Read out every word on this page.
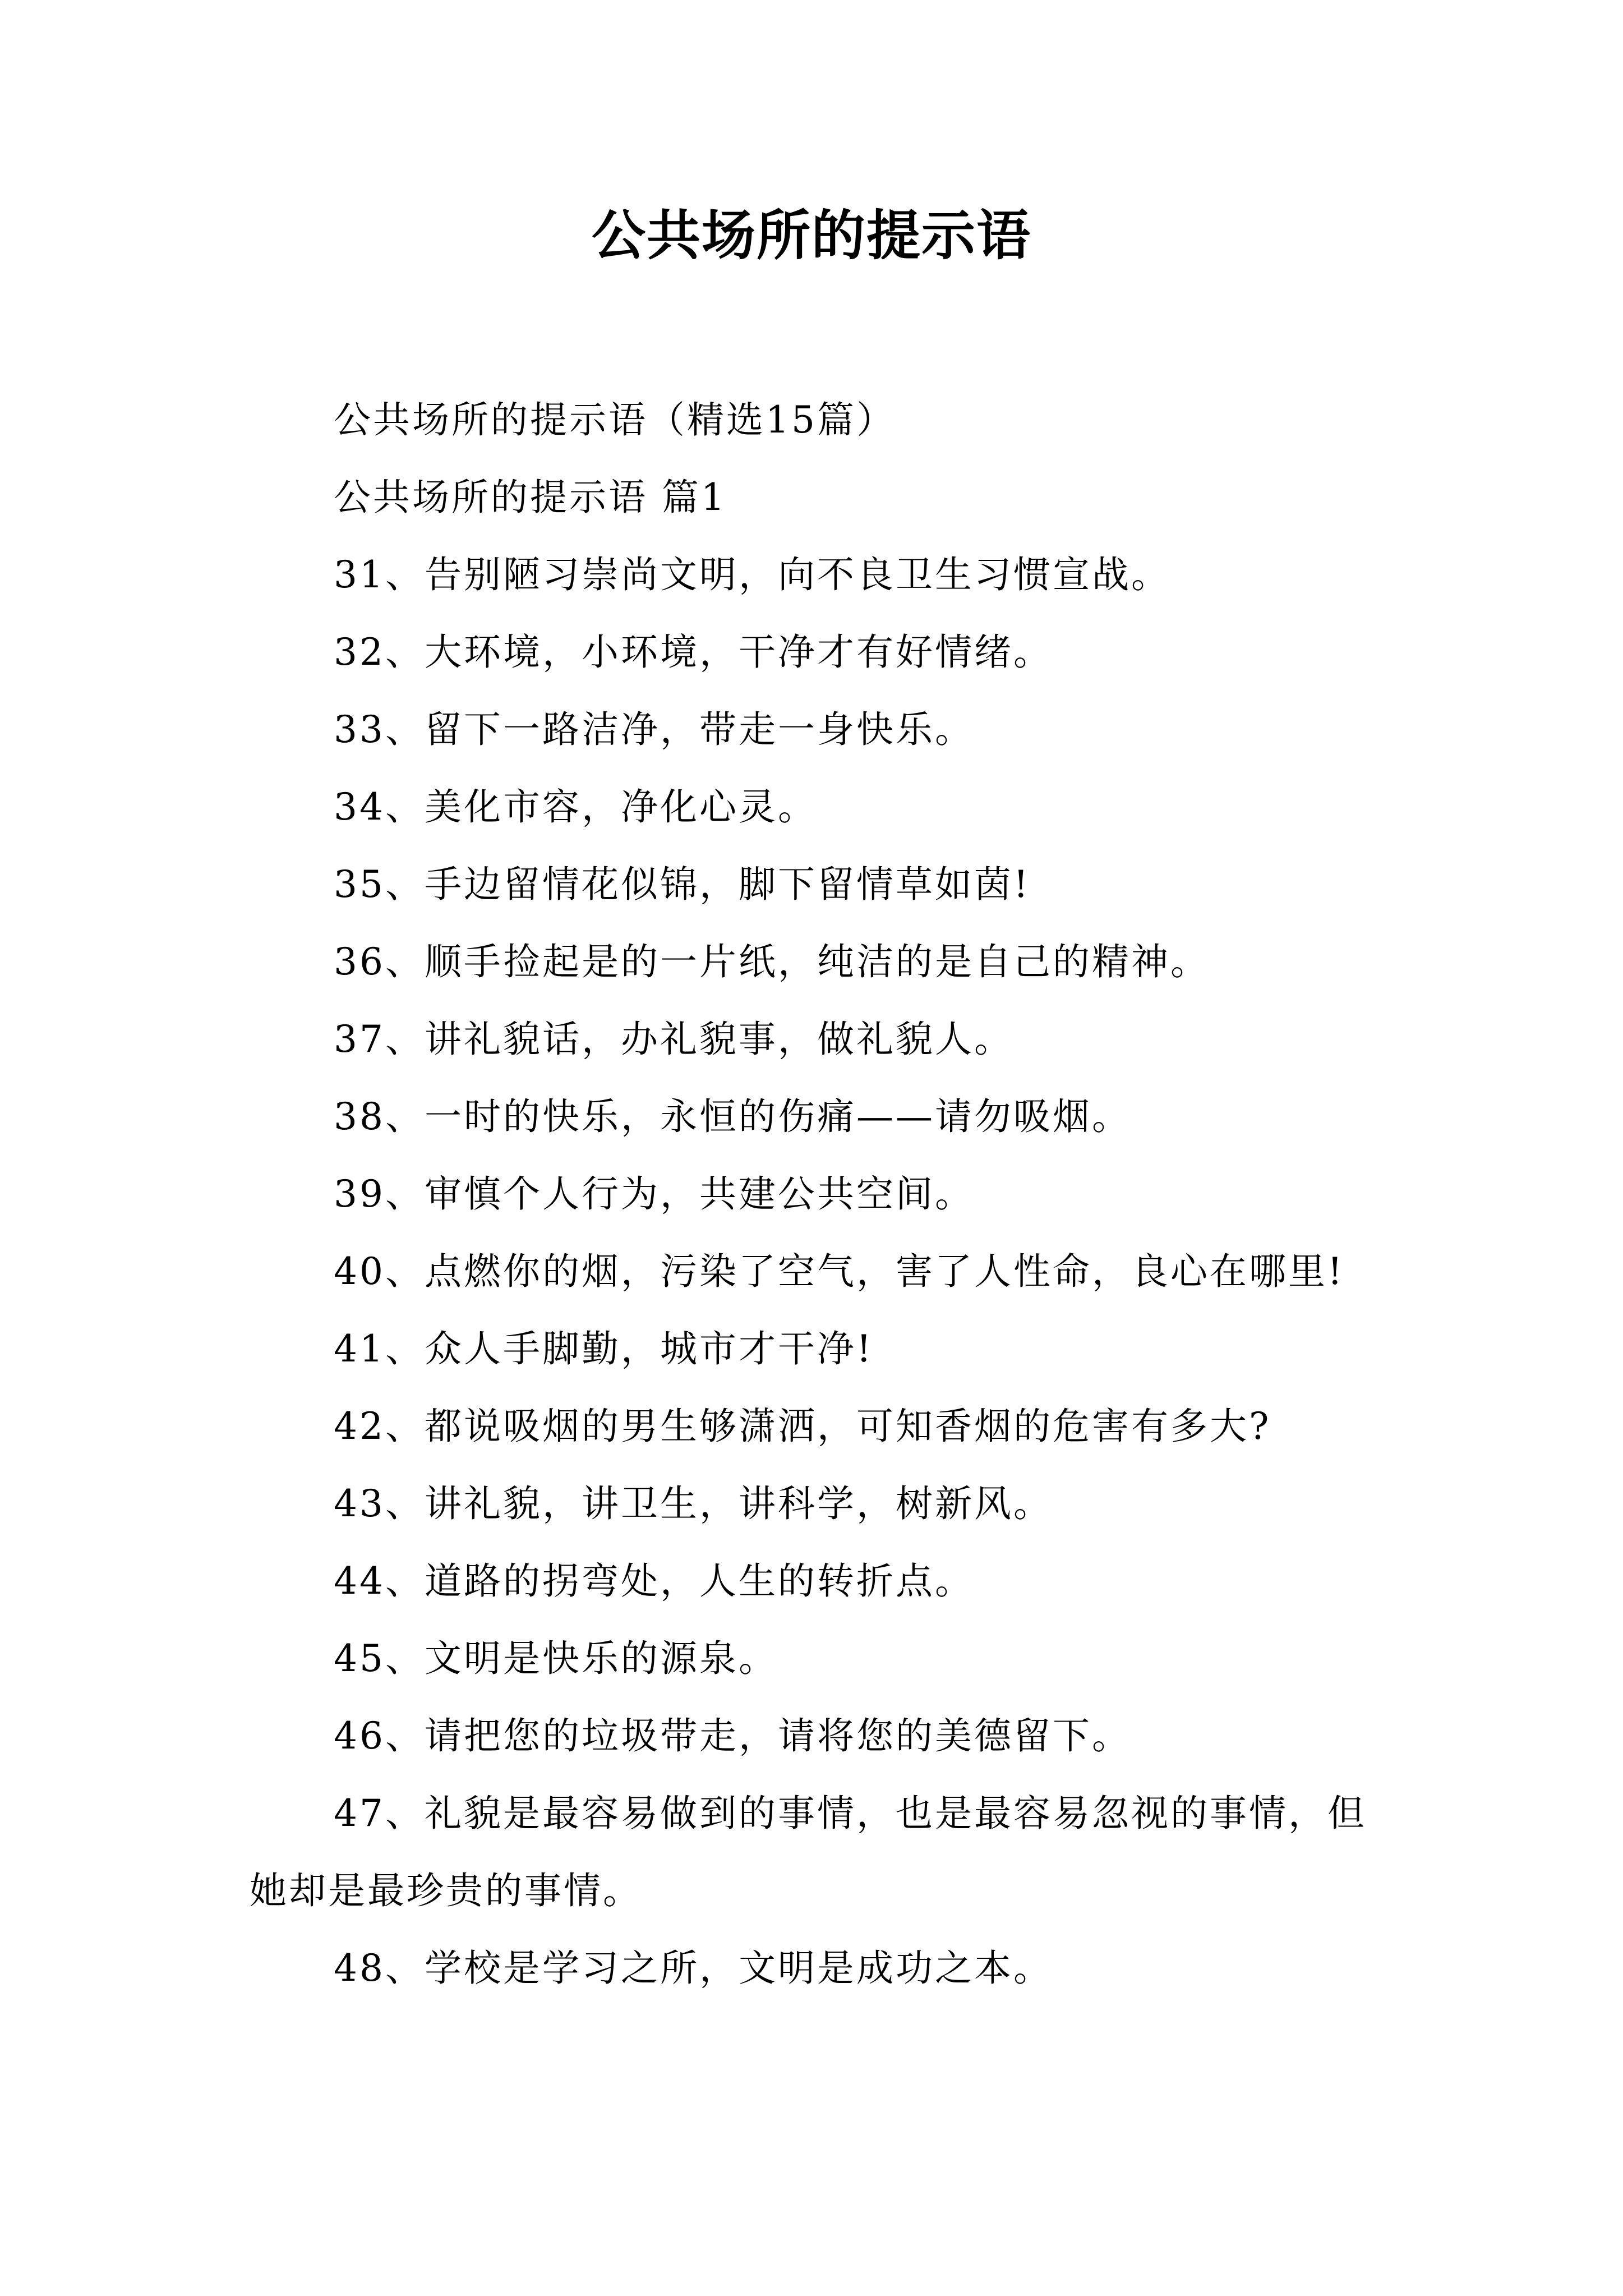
公共场所的提示语

公共场所的提示语（精选15篇）

公共场所的提示语 篇1

31、告别陋习崇尚文明，向不良卫生习惯宣战。

32、大环境，小环境，干净才有好情绪。

33、留下一路洁净，带走一身快乐。

34、美化市容，净化心灵。

35、手边留情花似锦，脚下留情草如茵!

36、顺手捡起是的一片纸，纯洁的是自己的精神。

37、讲礼貌话，办礼貌事，做礼貌人。

38、一时的快乐，永恒的伤痛——请勿吸烟。

39、审慎个人行为，共建公共空间。

40、点燃你的烟，污染了空气，害了人性命，良心在哪里!

41、众人手脚勤，城市才干净!

42、都说吸烟的男生够潇洒，可知香烟的危害有多大?

43、讲礼貌，讲卫生，讲科学，树新风。

44、道路的拐弯处，人生的转折点。

45、文明是快乐的源泉。

46、请把您的垃圾带走，请将您的美德留下。

47、礼貌是最容易做到的事情，也是最容易忽视的事情，但她却是最珍贵的事情。

48、学校是学习之所，文明是成功之本。
